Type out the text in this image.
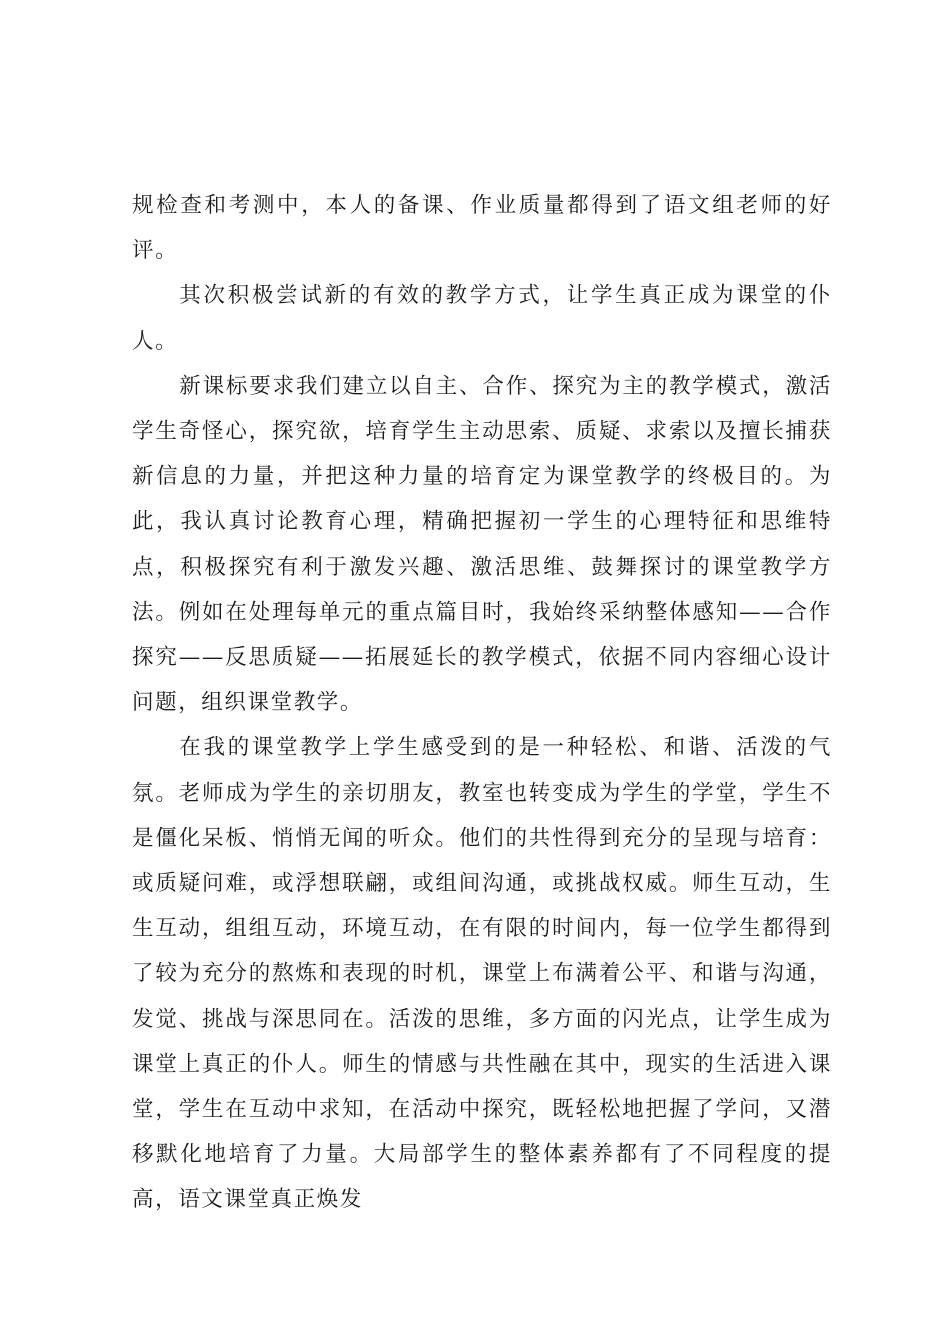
规检查和考测中，本人的备课、作业质量都得到了语文组老师的好评。

其次积极尝试新的有效的教学方式，让学生真正成为课堂的仆人。

新课标要求我们建立以自主、合作、探究为主的教学模式，激活学生奇怪心，探究欲，培育学生主动思索、质疑、求索以及擅长捕获新信息的力量，并把这种力量的培育定为课堂教学的终极目的。为此，我认真讨论教育心理，精确把握初一学生的心理特征和思维特点，积极探究有利于激发兴趣、激活思维、鼓舞探讨的课堂教学方法。例如在处理每单元的重点篇目时，我始终采纳整体感知——合作探究——反思质疑——拓展延长的教学模式，依据不同内容细心设计问题，组织课堂教学。

在我的课堂教学上学生感受到的是一种轻松、和谐、活泼的气氛。老师成为学生的亲切朋友，教室也转变成为学生的学堂，学生不是僵化呆板、悄悄无闻的听众。他们的共性得到充分的呈现与培育：或质疑问难，或浮想联翩，或组间沟通，或挑战权威。师生互动，生生互动，组组互动，环境互动，在有限的时间内，每一位学生都得到了较为充分的熬炼和表现的时机，课堂上布满着公平、和谐与沟通，发觉、挑战与深思同在。活泼的思维，多方面的闪光点，让学生成为课堂上真正的仆人。师生的情感与共性融在其中，现实的生活进入课堂，学生在互动中求知，在活动中探究，既轻松地把握了学问，又潜移默化地培育了力量。大局部学生的整体素养都有了不同程度的提高，语文课堂真正焕发
